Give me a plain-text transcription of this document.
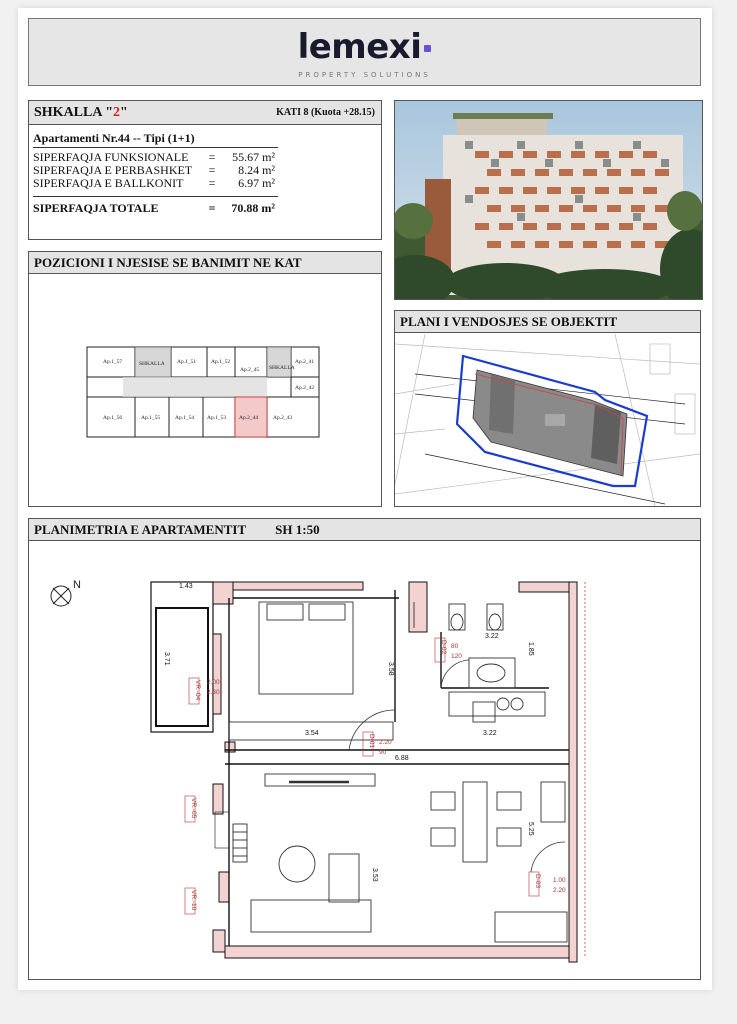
lemexi
PROPERTY SOLUTIONS
SHKALLA "2"	KATI 8 (Kuota +28.15)
Apartamenti Nr.44 -- Tipi (1+1)
SIPERFAQJA FUNKSIONALE	=	55.67 m²
SIPERFAQJA E PERBASHKET	=	8.24 m²
SIPERFAQJA E BALLKONIT	=	6.97 m²
SIPERFAQJA TOTALE	=	70.88 m²
POZICIONI I NJESISE SE BANIMIT NE KAT
Ap.1_57	SHKALLA Ap.1_51	Ap.1_52
Ap.2_45 SHKALLA
Ap.2_41
Ap.2_42
Ap.1_56	Ap.1_55	Ap.1_54 Ap.1_53 Ap.2_44	Ap.2_43
PLANI I VENDOSJES SE OBJEKTIT
PLANIMETRIA E APARTAMENTIT SH 1:50
N	1.43
3.71
3.58
3.54	3.22
3.22
6.88
3.53
5.25
1.85
VR.-04
VR.-05
VR.-10
D-01
D-02
D-03
2.00
2.30
1.00
2.20
2.20
90
80
120
